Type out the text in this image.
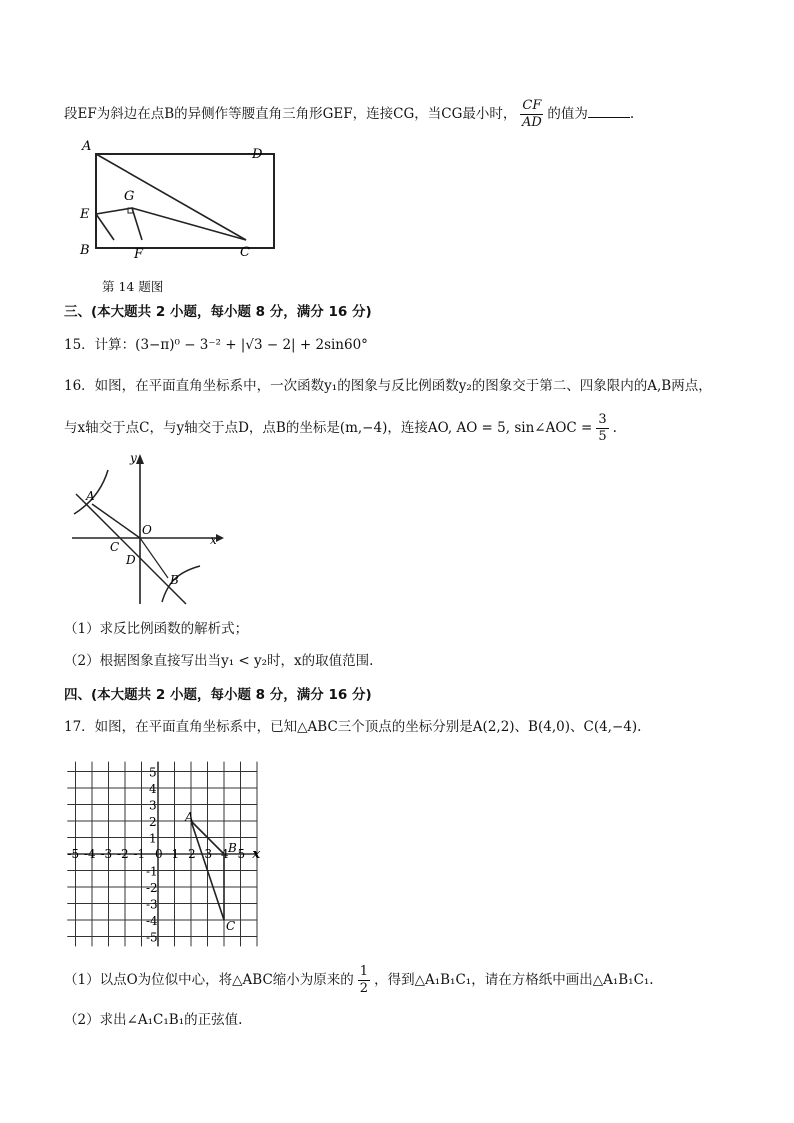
段EF为斜边在点B的异侧作等腰直角三角形GEF，连接CG，当CG最小时， $\frac{CF}{AD}$ 的值为	.
A
D
G
E
B	F	C
第 14 题图
三、(本大题共 2 小题，每小题 8 分，满分 16 分)
15．计算：(3−π)⁰ − 3⁻² + |√3 − 2| + 2sin60°
16．如图，在平面直角坐标系中，一次函数y₁的图象与反比例函数y₂的图象交于第二、四象限内的A,B两点，
与x轴交于点C，与y轴交于点D，点B的坐标是(m,−4)，连接AO, AO = 5, sin∠AOC = $\frac{3}{5}$ .
y
x
A
O
C
D
B
（1）求反比例函数的解析式；
（2）根据图象直接写出当y₁ < y₂时，x的取值范围.
四、(本大题共 2 小题，每小题 8 分，满分 16 分)
17．如图，在平面直角坐标系中，已知△ABC三个顶点的坐标分别是A(2,2)、B(4,0)、C(4,−4).
-5 -4 -3 -2 -1 0 1 2 3 4 5
5
4
3
2
1
-1
-2
-3
-4
-5
A
B
C
x
（1）以点O为位似中心，将△ABC缩小为原来的 $\frac{1}{2}$ ，得到△A₁B₁C₁，请在方格纸中画出△A₁B₁C₁.
（2）求出∠A₁C₁B₁的正弦值.
